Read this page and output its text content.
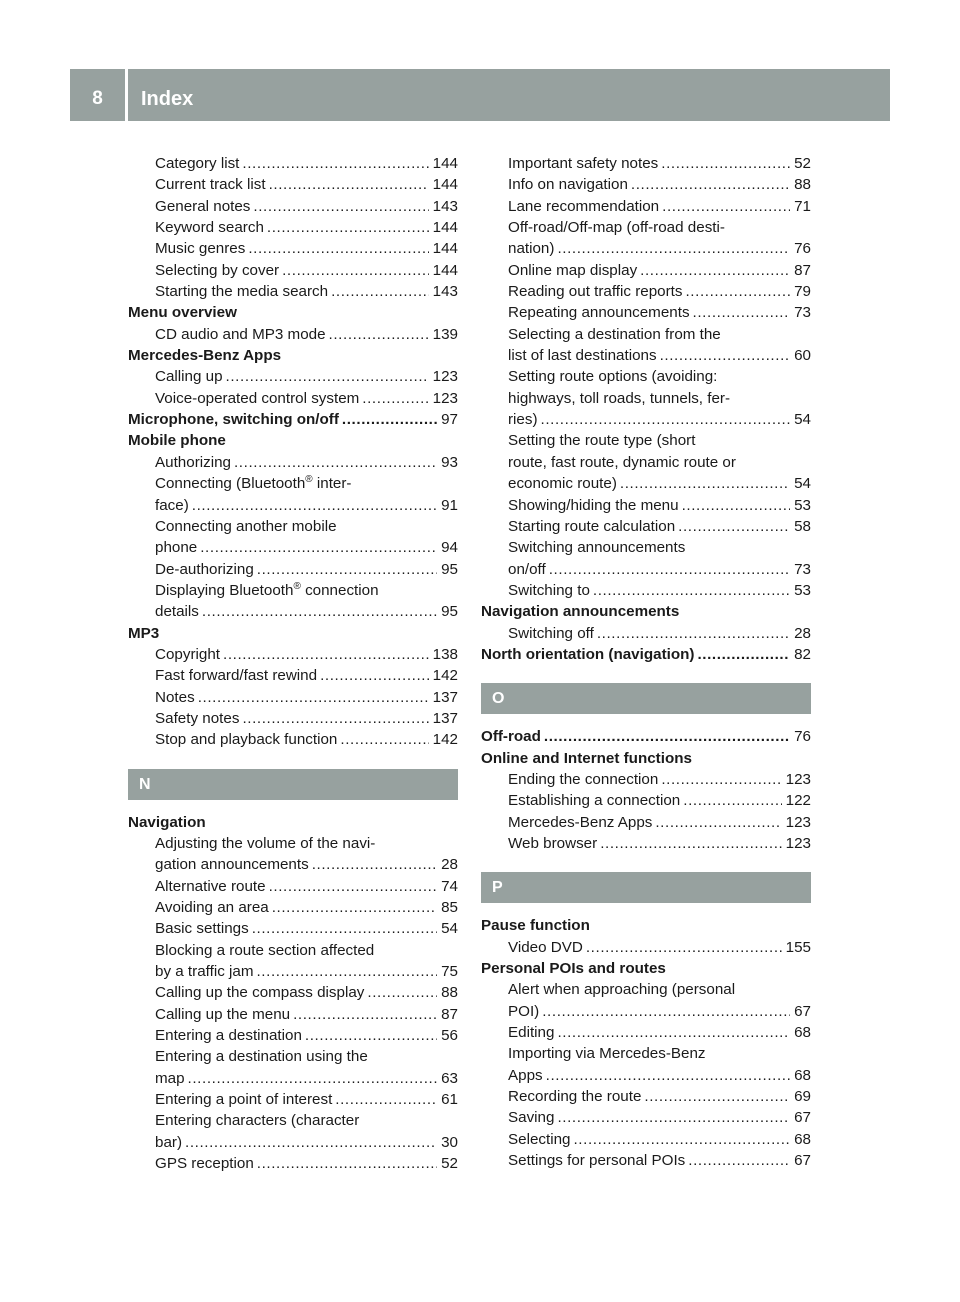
8	Index
Category list .....	144
Current track list .....	144
General notes .....	143
Keyword search .....	144
Music genres .....	144
Selecting by cover .....	144
Starting the media search .....	143
Menu overview
CD audio and MP3 mode .....	139
Mercedes-Benz Apps
Calling up .....	123
Voice-operated control system .....	123
Microphone, switching on/off .....	97
Mobile phone
Authorizing .....	93
Connecting (Bluetooth® inter-
face) .....	91
Connecting another mobile
phone .....	94
De-authorizing .....	95
Displaying Bluetooth® connection
details .....	95
MP3
Copyright .....	138
Fast forward/fast rewind .....	142
Notes .....	137
Safety notes .....	137
Stop and playback function .....	142
N
Navigation
Adjusting the volume of the navi-
gation announcements .....	28
Alternative route .....	74
Avoiding an area .....	85
Basic settings .....	54
Blocking a route section affected
by a traffic jam .....	75
Calling up the compass display .....	88
Calling up the menu .....	87
Entering a destination .....	56
Entering a destination using the
map .....	63
Entering a point of interest .....	61
Entering characters (character
bar) .....	30
GPS reception .....	52
Important safety notes .....	52
Info on navigation .....	88
Lane recommendation .....	71
Off-road/Off-map (off-road desti-
nation) .....	76
Online map display .....	87
Reading out traffic reports .....	79
Repeating announcements .....	73
Selecting a destination from the
list of last destinations .....	60
Setting route options (avoiding:
highways, toll roads, tunnels, fer-
ries) .....	54
Setting the route type (short
route, fast route, dynamic route or
economic route) .....	54
Showing/hiding the menu .....	53
Starting route calculation .....	58
Switching announcements
on/off .....	73
Switching to .....	53
Navigation announcements
Switching off .....	28
North orientation (navigation) .....	82
O
Off-road .....	76
Online and Internet functions
Ending the connection .....	123
Establishing a connection .....	122
Mercedes-Benz Apps .....	123
Web browser .....	123
P
Pause function
Video DVD .....	155
Personal POIs and routes
Alert when approaching (personal
POI) .....	67
Editing .....	68
Importing via Mercedes-Benz
Apps .....	68
Recording the route .....	69
Saving .....	67
Selecting .....	68
Settings for personal POIs .....	67
